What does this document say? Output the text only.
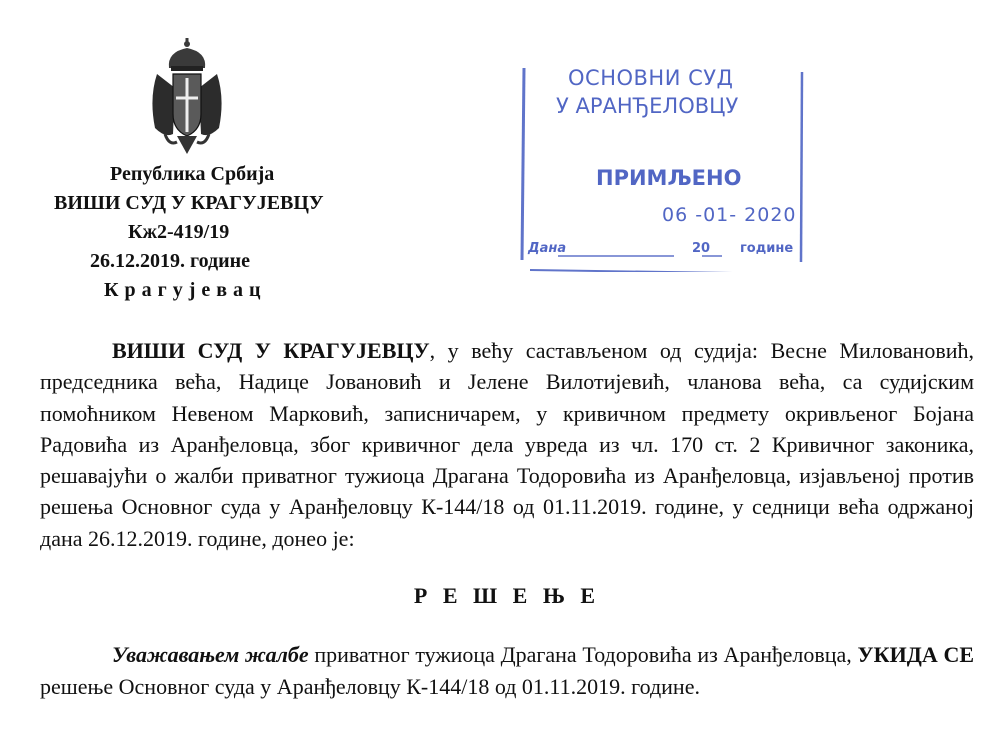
Република Србија
ВИШИ СУД У КРАГУЈЕВЦУ
Кж2-419/19
26.12.2019. године
Крагујевац
ОСНОВНИ СУД
У АРАНЂЕЛОВЦУ
ПРИМЉЕНО
06 -01- 2020
Дана	20 године

ВИШИ СУД У КРАГУЈЕВЦУ, у већу састављеном од судија: Весне Миловановић, председника већа, Надице Јовановић и Јелене Вилотијевић, чланова већа, са судијским помоћником Невеном Марковић, записничарем, у кривичном предмету окривљеног Бојана Радовића из Аранђеловца, због кривичног дела увреда из чл. 170 ст. 2 Кривичног законика, решавајући о жалби приватног тужиоца Драгана Тодоровића из Аранђеловца, изјављеној против решења Основног суда у Аранђеловцу К-144/18 од 01.11.2019. године, у седници већа одржаној дана 26.12.2019. године, донео је:

Р Е Ш Е Њ Е

Уважавањем жалбе приватног тужиоца Драгана Тодоровића из Аранђеловца, УКИДА СЕ решење Основног суда у Аранђеловцу К-144/18 од 01.11.2019. године.
